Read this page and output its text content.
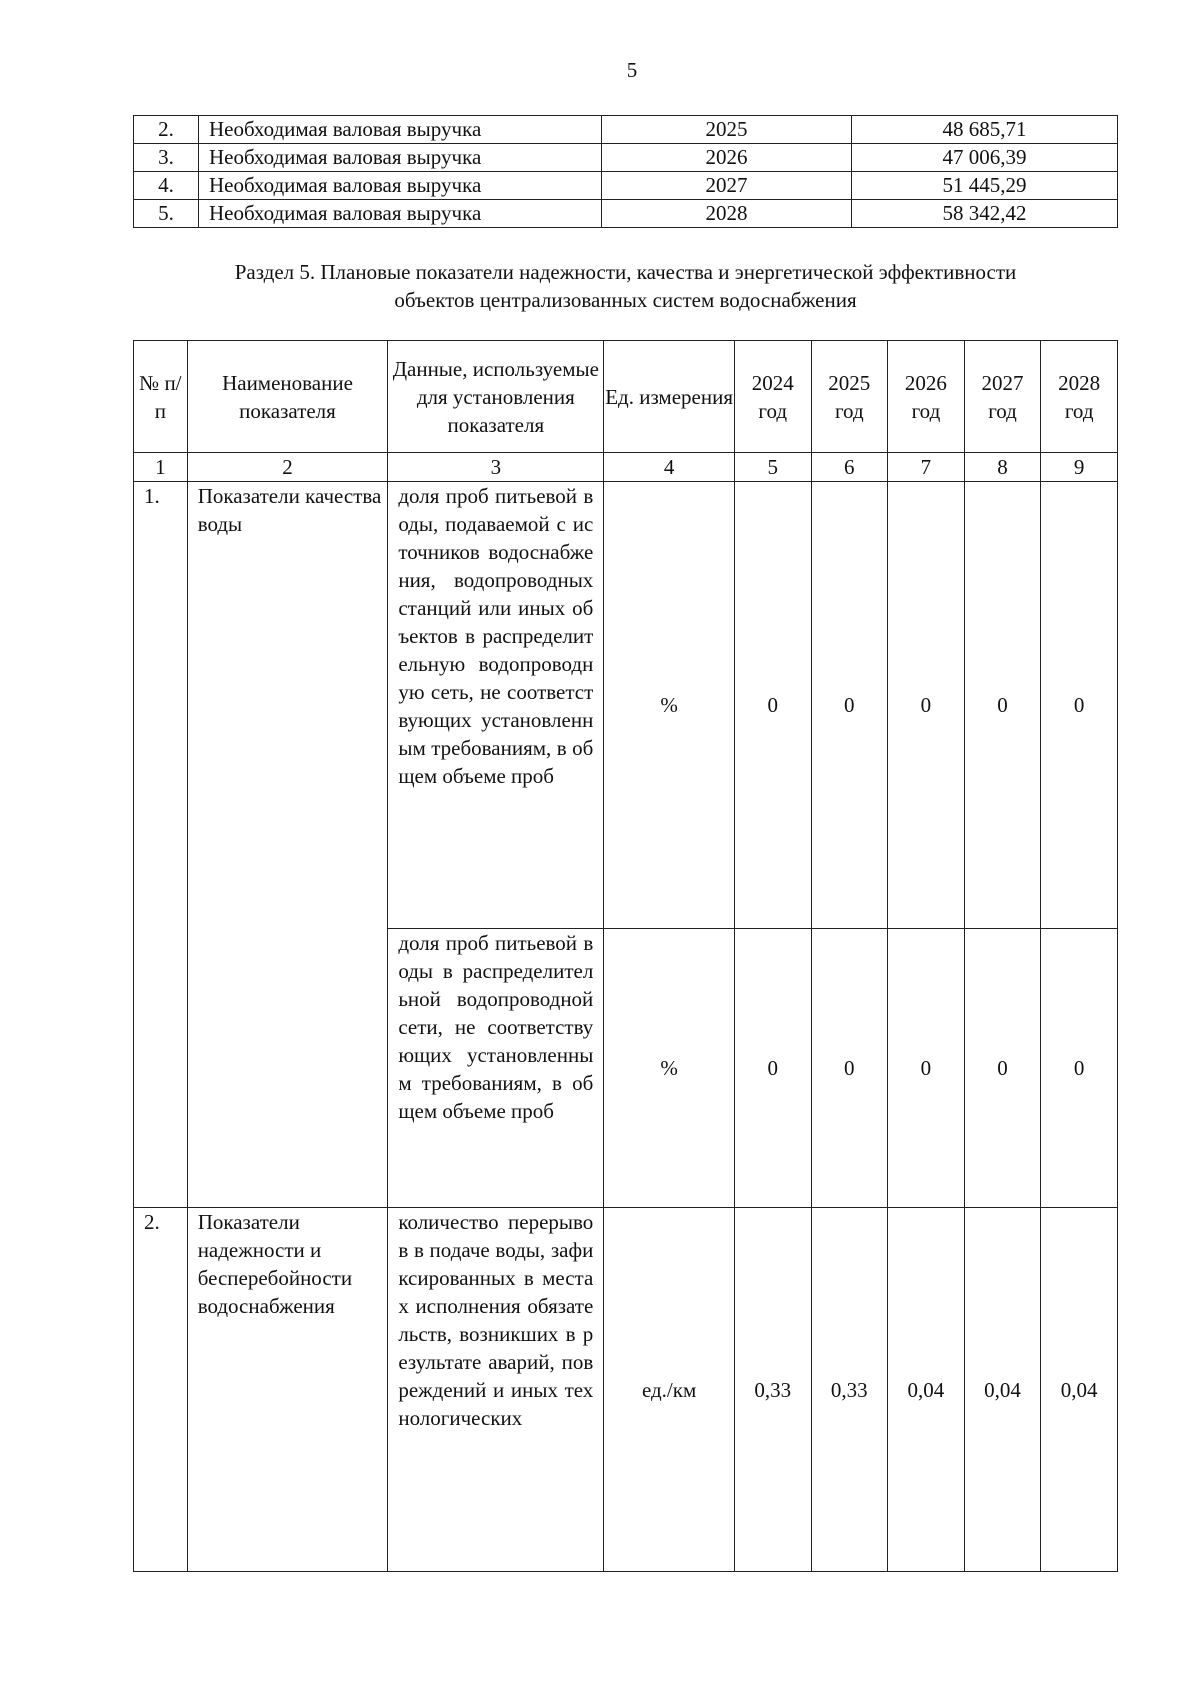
5
2.	Необходимая валовая выручка	2025	48 685,71
3.	Необходимая валовая выручка	2026	47 006,39
4.	Необходимая валовая выручка	2027	51 445,29
5.	Необходимая валовая выручка	2028	58 342,42
Раздел 5. Плановые показатели надежности, качества и энергетической эффективности
объектов централизованных систем водоснабжения
№ п/п	Наименование показателя	Данные, используемые для установления показателя	Ед. измерения	2024 год	2025 год	2026 год	2027 год	2028 год
1	2	3	4	5	6	7	8	9
1.	Показатели качества воды	доля проб питьевой воды, подаваемой с источников водоснабжения, водопроводных станций или иных объектов в распределительную водопроводную сеть, не соответствующих установленным требованиям, в общем объеме проб	%	0	0	0	0	0
		доля проб питьевой воды в распределительной водопроводной сети, не соответствующих установленным требованиям, в общем объеме проб	%	0	0	0	0	0
2.	Показатели надежности и бесперебойности водоснабжения	количество перерывов в подаче воды, зафиксированных в местах исполнения обязательств, возникших в результате аварий, повреждений и иных технологических	ед./км	0,33	0,33	0,04	0,04	0,04
